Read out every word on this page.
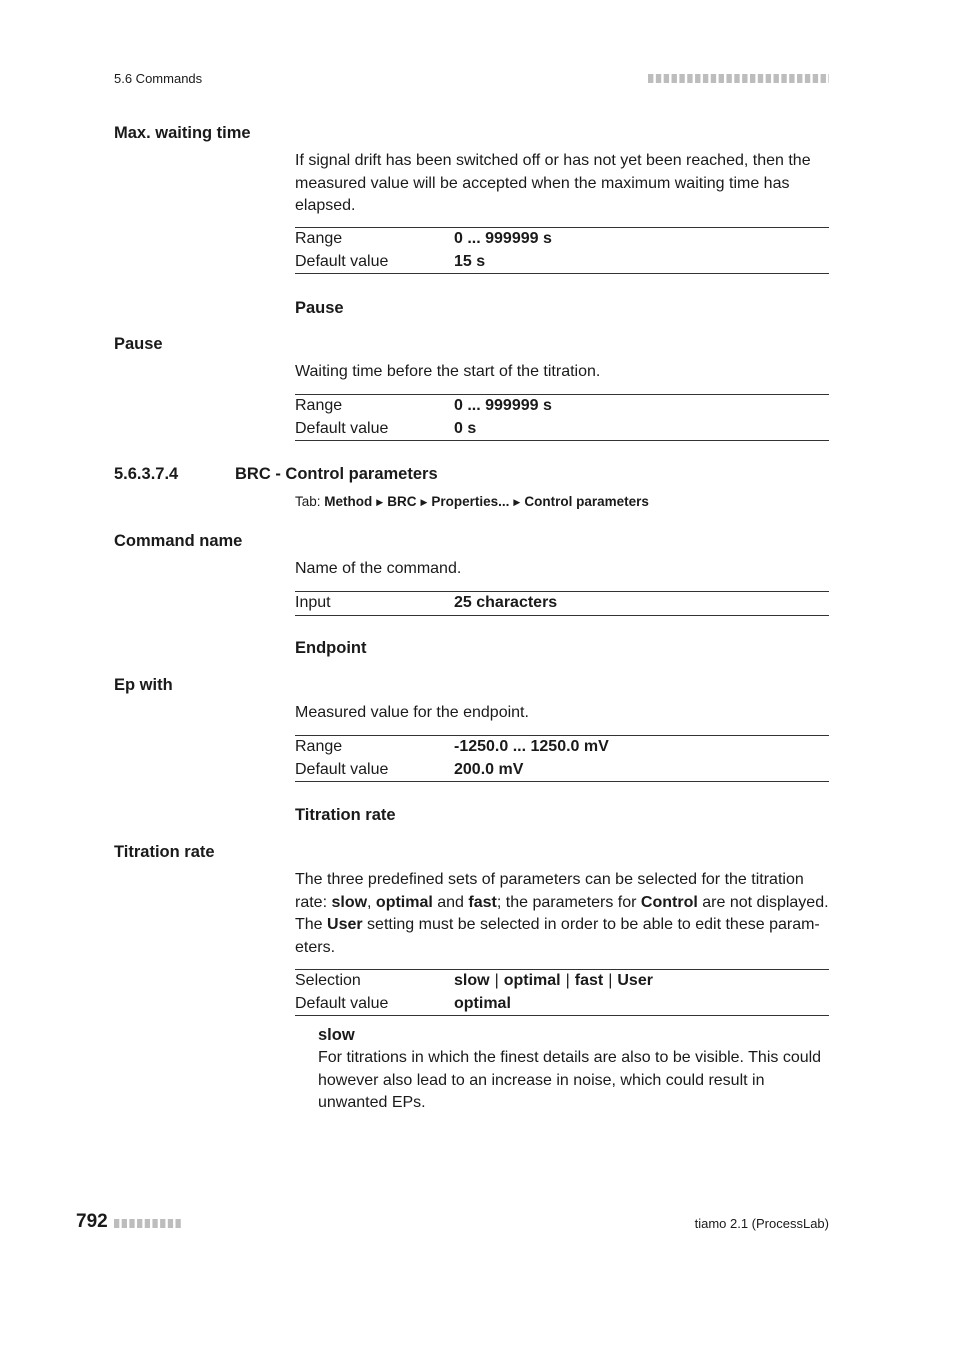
5.6 Commands
Max. waiting time
If signal drift has been switched off or has not yet been reached, then the measured value will be accepted when the maximum waiting time has elapsed.
Range	0 ... 999999 s
Default value	15 s
Pause
Pause
Waiting time before the start of the titration.
Range	0 ... 999999 s
Default value	0 s
5.6.3.7.4	BRC - Control parameters
Tab: Method ▶ BRC ▶ Properties... ▶ Control parameters
Command name
Name of the command.
Input	25 characters
Endpoint
Ep with
Measured value for the endpoint.
Range	-1250.0 ... 1250.0 mV
Default value	200.0 mV
Titration rate
Titration rate
The three predefined sets of parameters can be selected for the titration rate: slow, optimal and fast; the parameters for Control are not displayed. The User setting must be selected in order to be able to edit these param-eters.
Selection	slow | optimal | fast | User
Default value	optimal
slow
For titrations in which the finest details are also to be visible. This could however also lead to an increase in noise, which could result in unwanted EPs.
792	tiamo 2.1 (ProcessLab)
